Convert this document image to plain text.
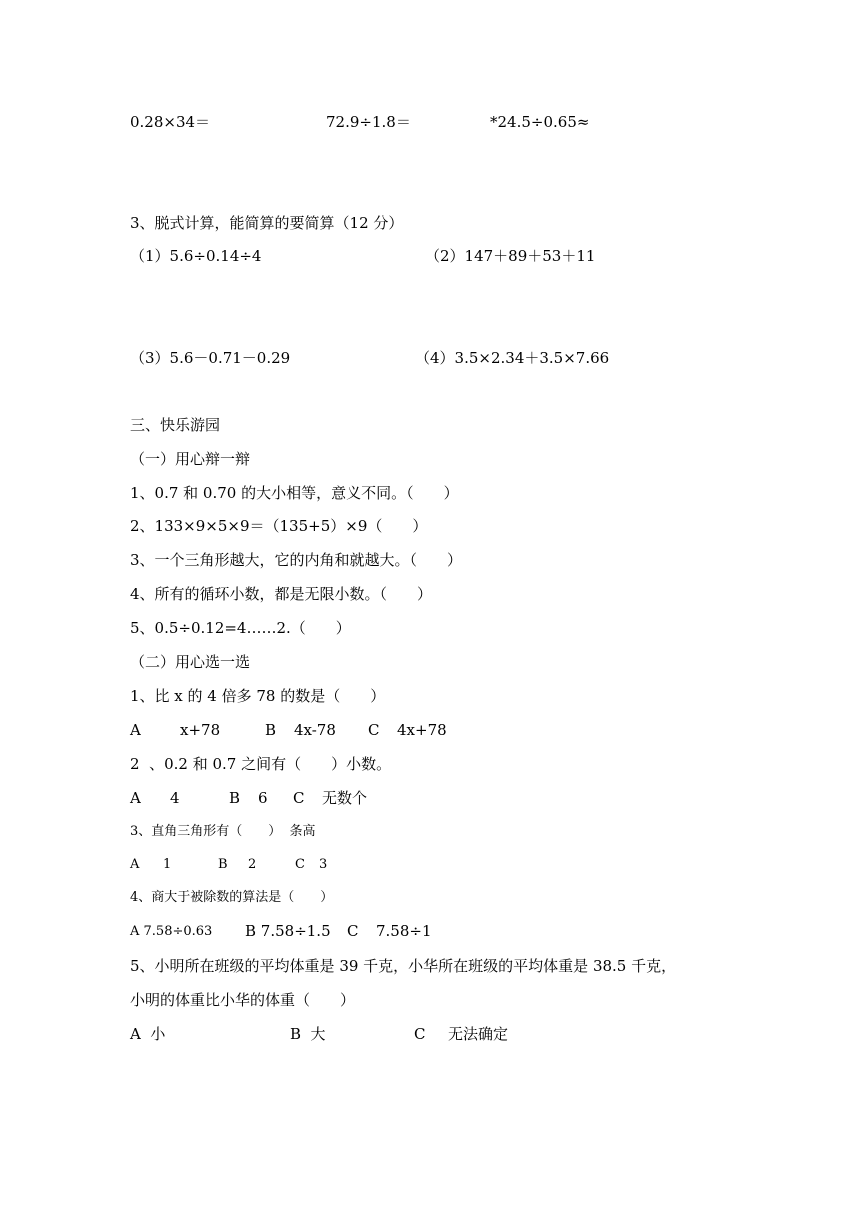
0.28×34＝	72.9÷1.8＝	*24.5÷0.65≈
3、脱式计算，能简算的要简算（12 分）
（1）5.6÷0.14÷4	（2）147＋89＋53＋11
（3）5.6－0.71－0.29	（4）3.5×2.34＋3.5×7.66
三、快乐游园
（一）用心辩一辩
1、0.7 和 0.70 的大小相等，意义不同。（　　）
2、133×9×5×9＝（135+5）×9（　　）
3、一个三角形越大，它的内角和就越大。（　　）
4、所有的循环小数，都是无限小数。（　　）
5、0.5÷0.12=4……2.（　　）
（二）用心选一选
1、比 x 的 4 倍多 78 的数是（　　）
A	x+78	B 4x-78 C 4x+78
2  、0.2 和 0.7 之间有（　　）小数。
A 4	B 6 C 无数个
3、直角三角形有（　　）  条高
A 1	B 2	C 3
4、商大于被除数的算法是（　　）
A 7.58÷0.63 B 7.58÷1.5 C 7.58÷1
5、小明所在班级的平均体重是 39 千克，小华所在班级的平均体重是 38.5 千克，
小明的体重比小华的体重（　　）
A  小	B  大	C 无法确定
